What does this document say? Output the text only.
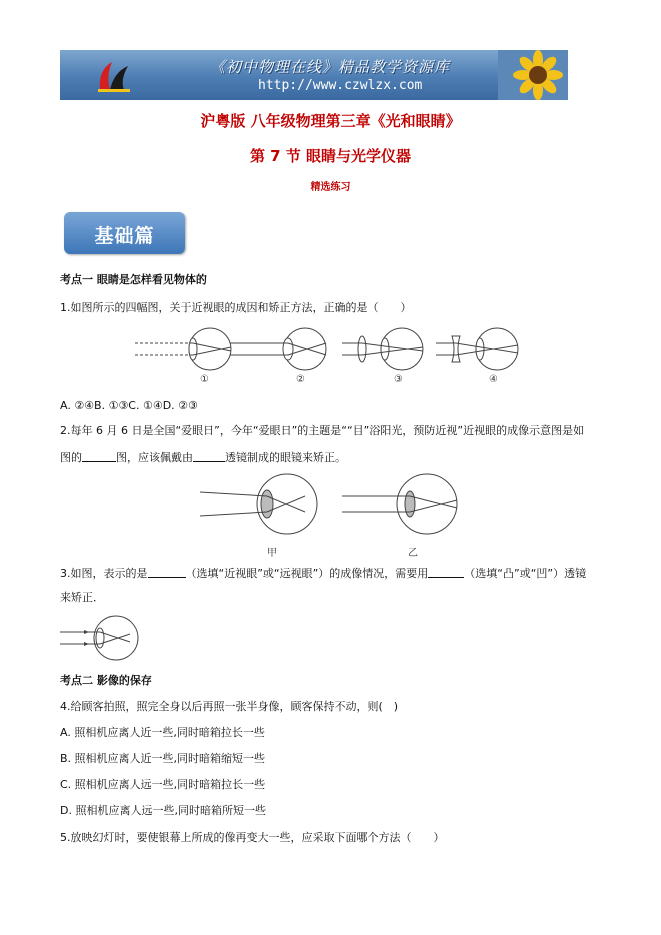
《初中物理在线》精品教学资源库
http://www.czwlzx.com
沪粤版 八年级物理第三章《光和眼睛》
第 7 节 眼睛与光学仪器
精选练习
基础篇
考点一 眼睛是怎样看见物体的
1.如图所示的四幅图，关于近视眼的成因和矫正方法，正确的是（　　）
①	②	③	④
A. ②④B. ①③C. ①④D. ②③
2.每年 6 月 6 日是全国“爱眼日”，今年“爱眼日”的主题是““目”浴阳光，预防近视”近视眼的成像示意图是如
图的	图，应该佩戴由	透镜制成的眼镜来矫正。
甲	乙
3.如图，表示的是	（选填“近视眼”或“远视眼”）的成像情况，需要用	（选填“凸”或“凹”）透镜
来矫正．
考点二 影像的保存
4.给顾客拍照，照完全身以后再照一张半身像，顾客保持不动，则(　)
A. 照相机应离人近一些,同时暗箱拉长一些
B. 照相机应离人近一些,同时暗箱缩短一些
C. 照相机应离人远一些,同时暗箱拉长一些
D. 照相机应离人远一些,同时暗箱所短一些
5.放映幻灯时，要使银幕上所成的像再变大一些，应采取下面哪个方法（　　）
